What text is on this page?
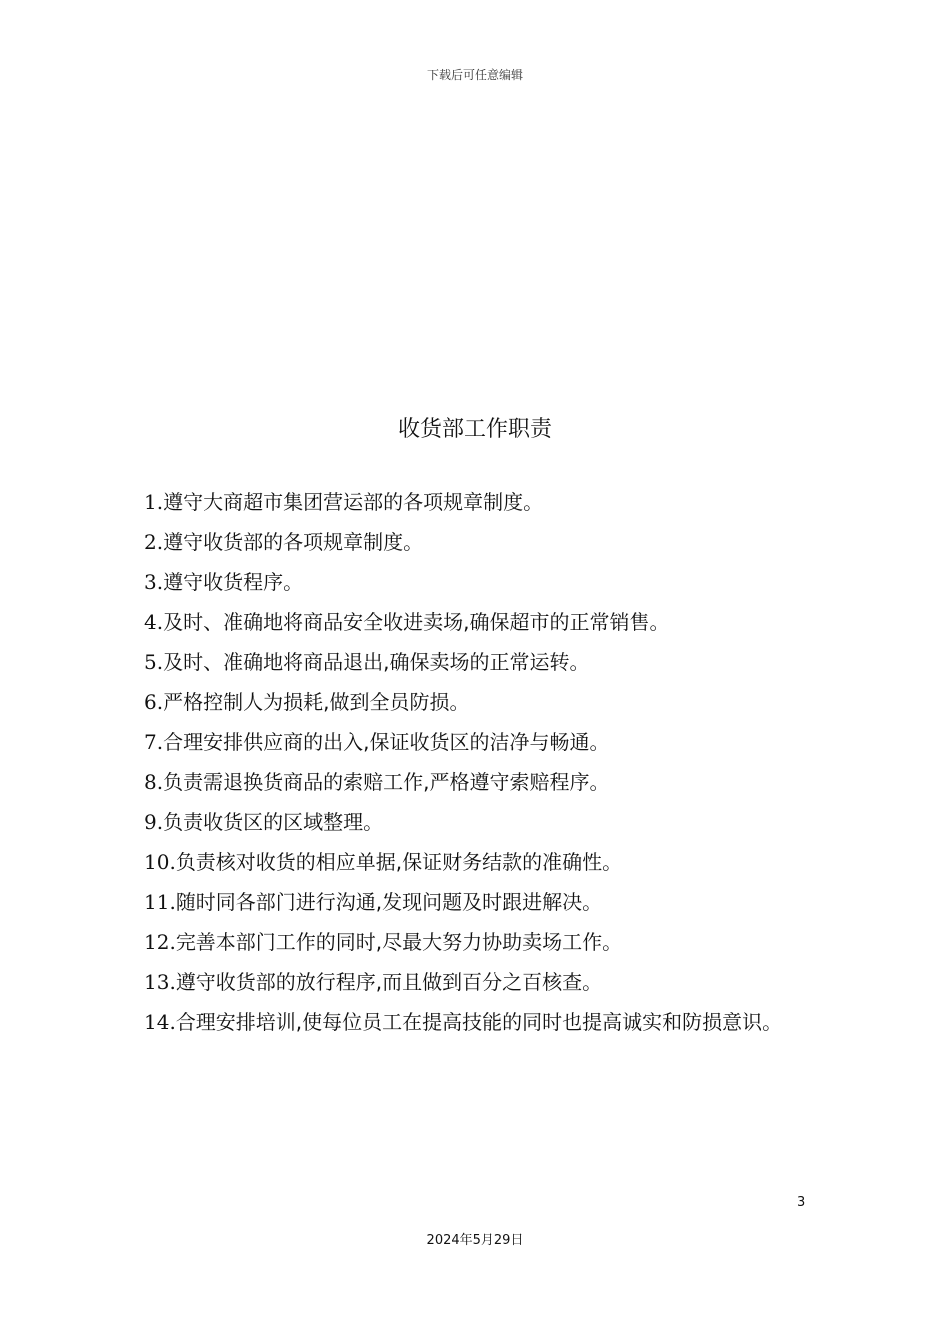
下载后可任意编辑
收货部工作职责
1.遵守大商超市集团营运部的各项规章制度。
2.遵守收货部的各项规章制度。
3.遵守收货程序。
4.及时、准确地将商品安全收进卖场,确保超市的正常销售。
5.及时、准确地将商品退出,确保卖场的正常运转。
6.严格控制人为损耗,做到全员防损。
7.合理安排供应商的出入,保证收货区的洁净与畅通。
8.负责需退换货商品的索赔工作,严格遵守索赔程序。
9.负责收货区的区域整理。
10.负责核对收货的相应单据,保证财务结款的准确性。
11.随时同各部门进行沟通,发现问题及时跟进解决。
12.完善本部门工作的同时,尽最大努力协助卖场工作。
13.遵守收货部的放行程序,而且做到百分之百核查。
14.合理安排培训,使每位员工在提高技能的同时也提高诚实和防损意识。
3
2024年5月29日
